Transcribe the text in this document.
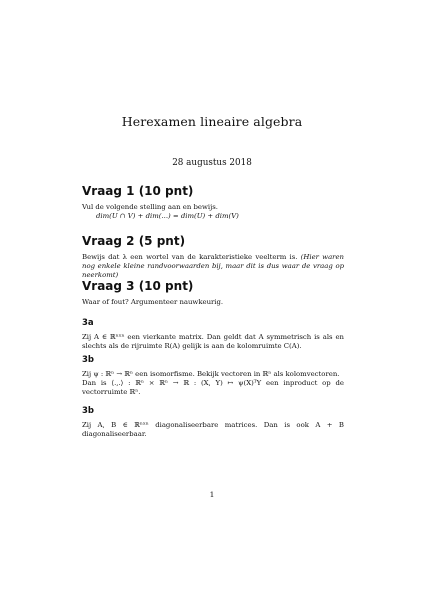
Herexamen lineaire algebra
28 augustus 2018
Vraag 1 (10 pnt)

Vul de volgende stelling aan en bewijs.

dim(U ∩ V) + dim(...) = dim(U) + dim(V)

Vraag 2 (5 pnt)

Bewijs dat λ een wortel van de karakteristieke veelterm is. (Hier waren nog enkele kleine randvoorwaarden bij, maar dit is dus waar de vraag op neerkomt)

Vraag 3 (10 pnt)

Waar of fout? Argumenteer nauwkeurig.

3a

Zij A ∈ ℝⁿˣⁿ een vierkante matrix. Dan geldt dat A symmetrisch is als en slechts als de rijruimte R(A) gelijk is aan de kolomruimte C(A).

3b

Zij ψ : ℝⁿ → ℝⁿ een isomorfisme. Bekijk vectoren in ℝⁿ als kolomvectoren.

Dan is ⟨.,.⟩ : ℝⁿ × ℝⁿ → ℝ : (X, Y) ↦ ψ(X)ᵀY een inproduct op de vectorruimte ℝⁿ.

3b

Zij A, B ∈ ℝⁿˣⁿ diagonaliseerbare matrices. Dan is ook A + B diagonaliseerbaar.

1
